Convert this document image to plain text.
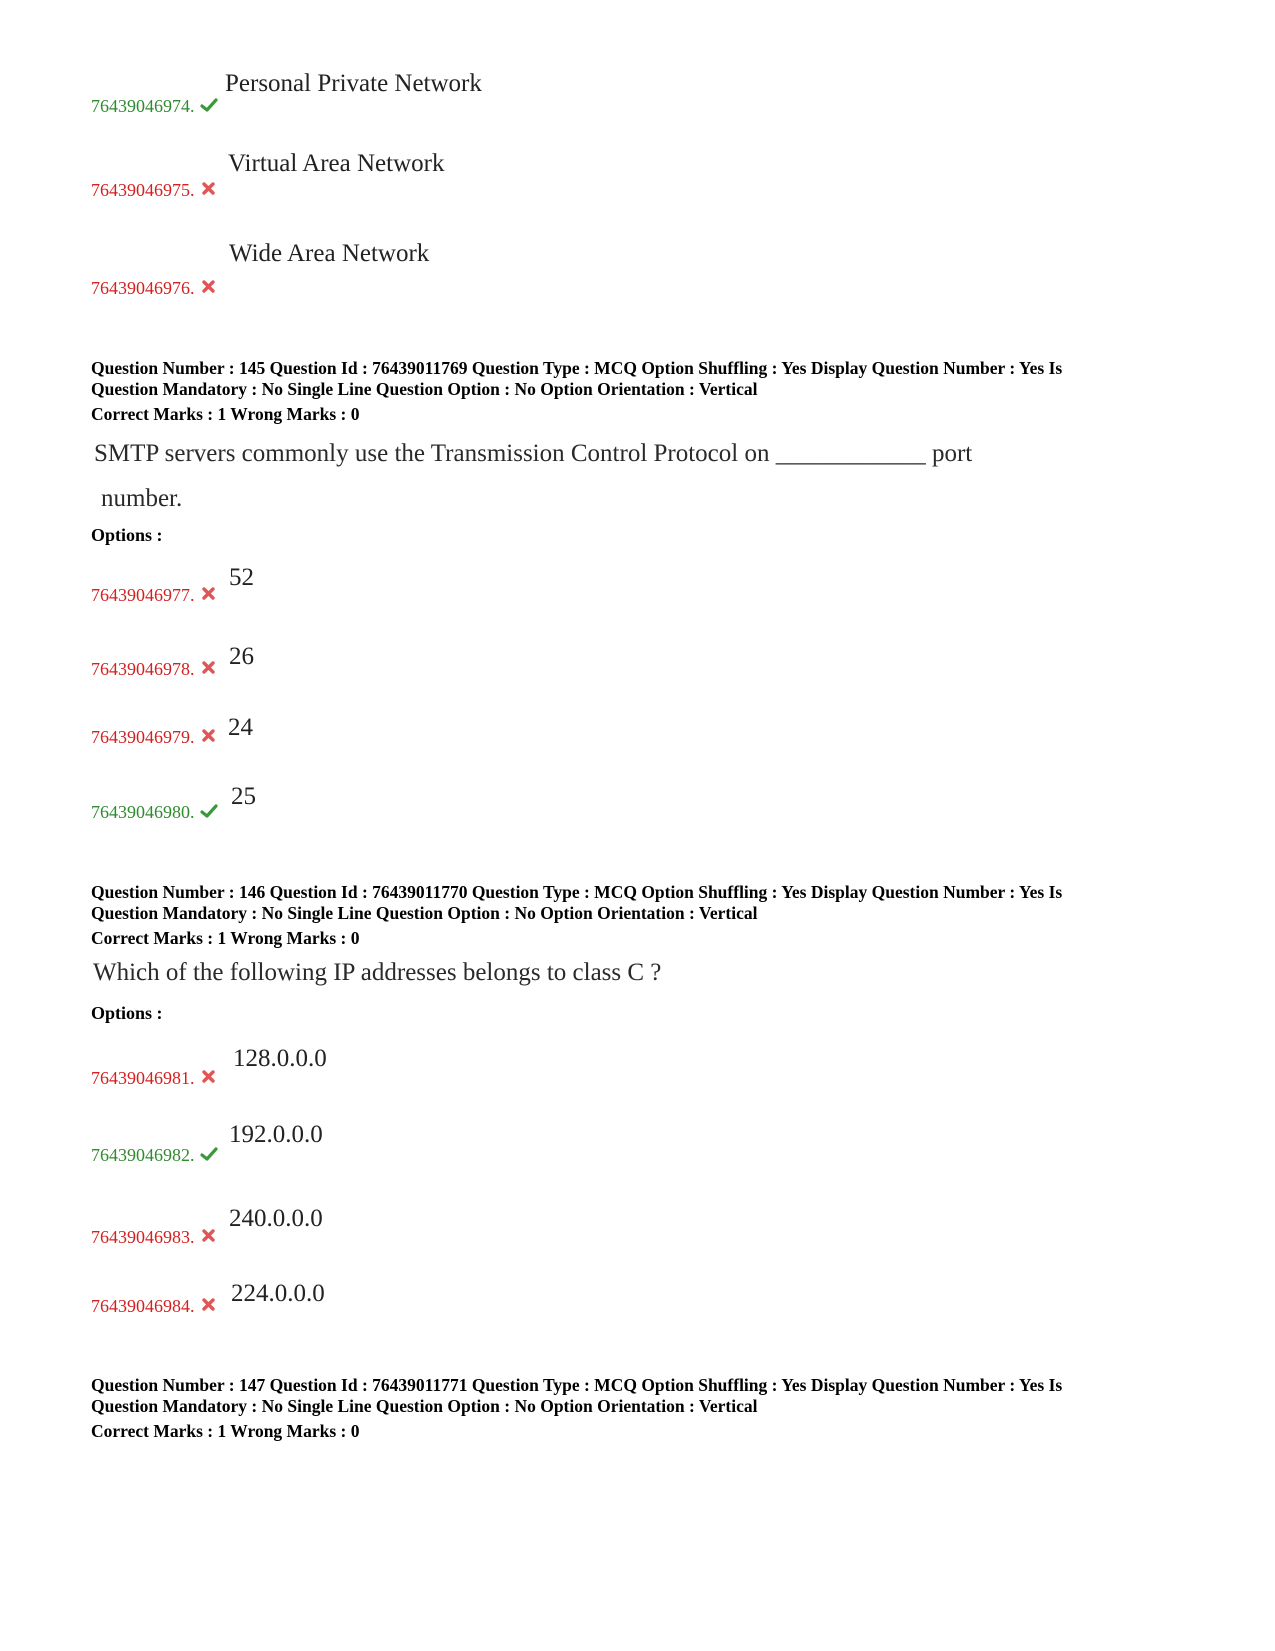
Personal Private Network
76439046974.
Virtual Area Network
76439046975.
Wide Area Network
76439046976.
Question Number : 145 Question Id : 76439011769 Question Type : MCQ Option Shuffling : Yes Display Question Number : Yes Is
Question Mandatory : No Single Line Question Option : No Option Orientation : Vertical
Correct Marks : 1 Wrong Marks : 0
SMTP servers commonly use the Transmission Control Protocol on ____________ port
number.
Options :
52
76439046977.
26
76439046978.
24
76439046979.
25
76439046980.
Question Number : 146 Question Id : 76439011770 Question Type : MCQ Option Shuffling : Yes Display Question Number : Yes Is
Question Mandatory : No Single Line Question Option : No Option Orientation : Vertical
Correct Marks : 1 Wrong Marks : 0
Which of the following IP addresses belongs to class C ?
Options :
128.0.0.0
76439046981.
192.0.0.0
76439046982.
240.0.0.0
76439046983.
224.0.0.0
76439046984.
Question Number : 147 Question Id : 76439011771 Question Type : MCQ Option Shuffling : Yes Display Question Number : Yes Is
Question Mandatory : No Single Line Question Option : No Option Orientation : Vertical
Correct Marks : 1 Wrong Marks : 0
